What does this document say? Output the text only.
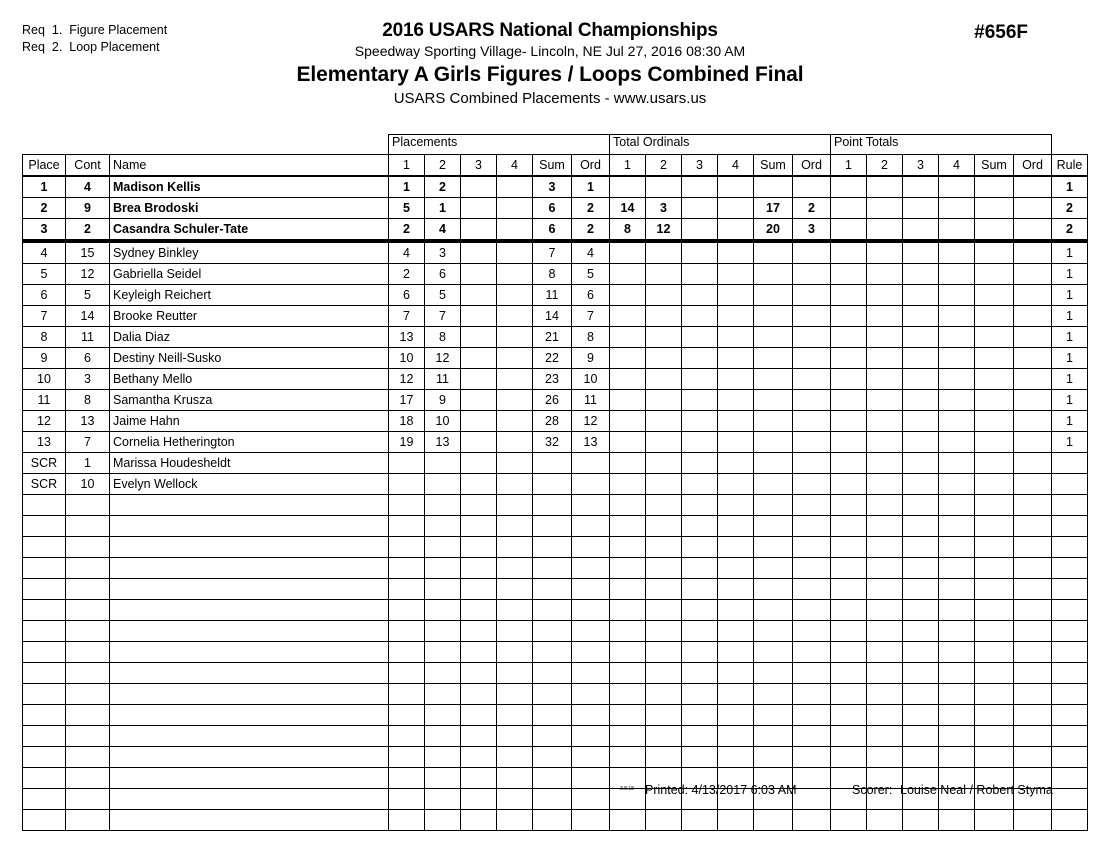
Req  1.  Figure Placement
Req  2.  Loop Placement
2016 USARS National Championships
Speedway Sporting Village- Lincoln, NE Jul 27, 2016 08:30 AM
Elementary A Girls Figures / Loops Combined Final
USARS Combined Placements - www.usars.us
#656F
			Placements						Total Ordinals						Point Totals						
Place	Cont	Name	1	2	3	4	Sum	Ord	1	2	3	4	Sum	Ord	1	2	3	4	Sum	Ord	Rule
1	4	Madison Kellis	1	2			3	1													1
2	9	Brea Brodoski	5	1			6	2	14	3			17	2							2
3	2	Casandra Schuler-Tate	2	4			6	2	8	12			20	3							2
4	15	Sydney Binkley	4	3			7	4													1
5	12	Gabriella Seidel	2	6			8	5													1
6	5	Keyleigh Reichert	6	5			11	6													1
7	14	Brooke Reutter	7	7			14	7													1
8	11	Dalia Diaz	13	8			21	8													1
9	6	Destiny Neill-Susko	10	12			22	9													1
10	3	Bethany Mello	12	11			23	10													1
11	8	Samantha Krusza	17	9			26	11													1
12	13	Jaime Hahn	18	10			28	12													1
13	7	Cornelia Hetherington	19	13			32	13													1
SCR	1	Marissa Houdesheldt																			
SCR	10	Evelyn Wellock																			

3.8.18 Printed: 4/13/2017 6:03 AM	Scorer: Louise Neal / Robert Styma
